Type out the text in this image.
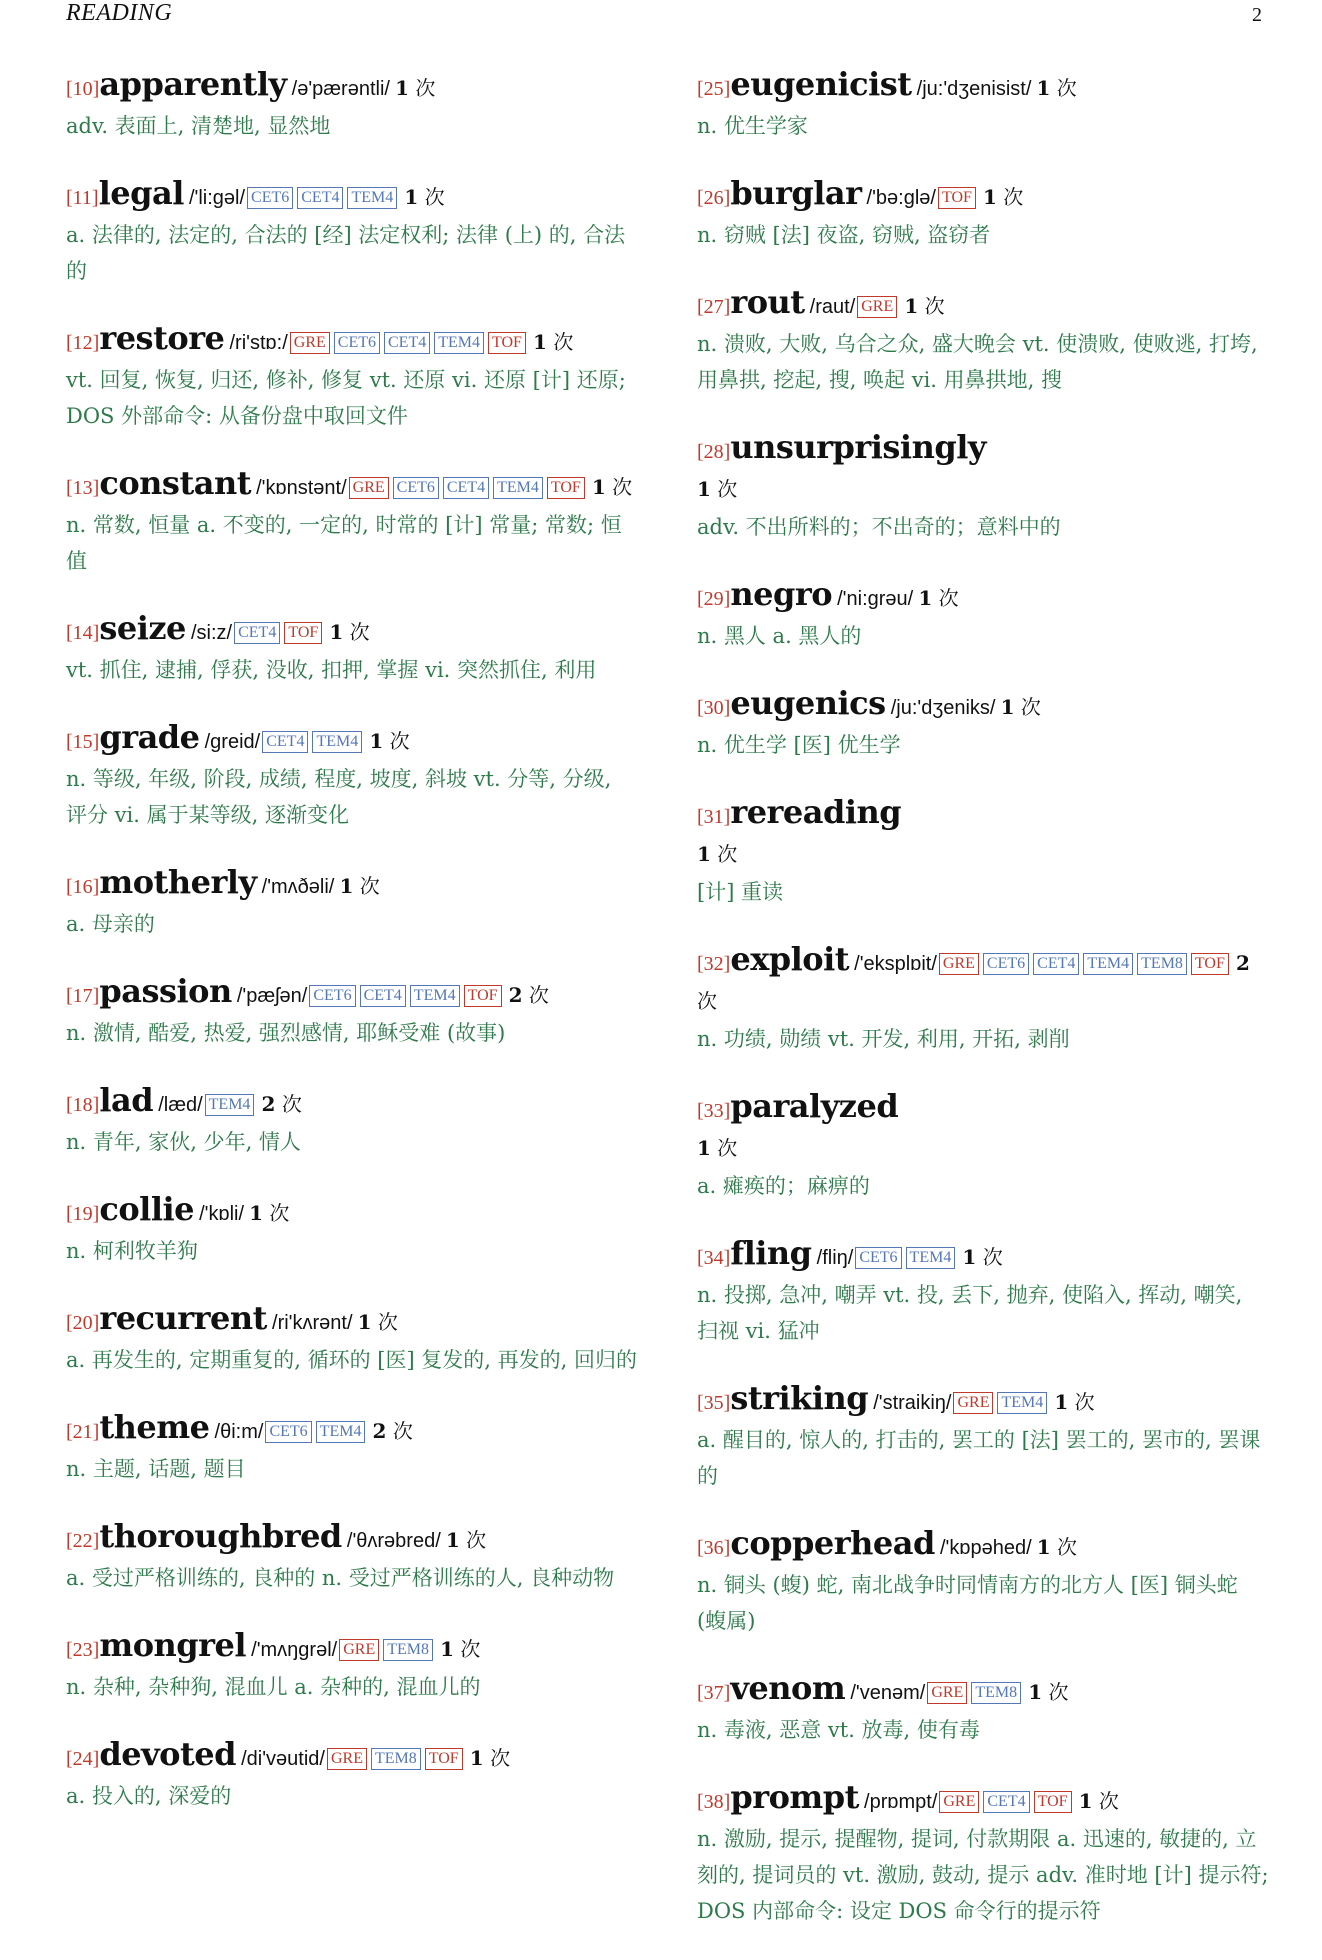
READING	2
[10]apparently /ə'pærəntli/ 1 次
adv. 表面上, 清楚地, 显然地
[11]legal /'li:gəl/ CET6 CET4 TEM4 1 次
a. 法律的, 法定的, 合法的 [经] 法定权利; 法律 (上) 的, 合法的
[12]restore /ri'stɒ:/ GRE CET6 CET4 TEM4 TOF 1 次
vt. 回复, 恢复, 归还, 修补, 修复 vt. 还原 vi. 还原 [计] 还原; DOS 外部命令: 从备份盘中取回文件
[13]constant /'kɒnstənt/ GRE CET6 CET4 TEM4 TOF 1 次
n. 常数, 恒量 a. 不变的, 一定的, 时常的 [计] 常量; 常数; 恒值
[14]seize /si:z/ CET4 TOF 1 次
vt. 抓住, 逮捕, 俘获, 没收, 扣押, 掌握 vi. 突然抓住, 利用
[15]grade /greid/ CET4 TEM4 1 次
n. 等级, 年级, 阶段, 成绩, 程度, 坡度, 斜坡 vt. 分等, 分级, 评分 vi. 属于某等级, 逐渐变化
[16]motherly /'mʌðəli/ 1 次
a. 母亲的
[17]passion /'pæʃən/ CET6 CET4 TEM4 TOF 2 次
n. 激情, 酷爱, 热爱, 强烈感情, 耶稣受难 (故事)
[18]lad /læd/ TEM4 2 次
n. 青年, 家伙, 少年, 情人
[19]collie /'kɒli/ 1 次
n. 柯利牧羊狗
[20]recurrent /ri'kʌrənt/ 1 次
a. 再发生的, 定期重复的, 循环的 [医] 复发的, 再发的, 回归的
[21]theme /θi:m/ CET6 TEM4 2 次
n. 主题, 话题, 题目
[22]thoroughbred /'θʌrəbred/ 1 次
a. 受过严格训练的, 良种的 n. 受过严格训练的人, 良种动物
[23]mongrel /'mʌŋgrəl/ GRE TEM8 1 次
n. 杂种, 杂种狗, 混血儿 a. 杂种的, 混血儿的
[24]devoted /di'vəutid/ GRE TEM8 TOF 1 次
a. 投入的, 深爱的
[25]eugenicist /ju:'dʒenisist/ 1 次
n. 优生学家
[26]burglar /'bə:glə/ TOF 1 次
n. 窃贼 [法] 夜盗, 窃贼, 盗窃者
[27]rout /raut/ GRE 1 次
n. 溃败, 大败, 乌合之众, 盛大晚会 vt. 使溃败, 使败逃, 打垮, 用鼻拱, 挖起, 搜, 唤起 vi. 用鼻拱地, 搜
[28]unsurprisingly
1 次
adv. 不出所料的；不出奇的；意料中的
[29]negro /'ni:grəu/ 1 次
n. 黑人 a. 黑人的
[30]eugenics /ju:'dʒeniks/ 1 次
n. 优生学 [医] 优生学
[31]rereading
1 次
[计] 重读
[32]exploit /'eksplɒit/ GRE CET6 CET4 TEM4 TEM8 TOF 2 次
n. 功绩, 勋绩 vt. 开发, 利用, 开拓, 剥削
[33]paralyzed
1 次
a. 瘫痪的；麻痹的
[34]fling /fliŋ/ CET6 TEM4 1 次
n. 投掷, 急冲, 嘲弄 vt. 投, 丢下, 抛弃, 使陷入, 挥动, 嘲笑, 扫视 vi. 猛冲
[35]striking /'straikiŋ/ GRE TEM4 1 次
a. 醒目的, 惊人的, 打击的, 罢工的 [法] 罢工的, 罢市的, 罢课的
[36]copperhead /'kɒpəhed/ 1 次
n. 铜头 (蝮) 蛇, 南北战争时同情南方的北方人 [医] 铜头蛇 (蝮属)
[37]venom /'venəm/ GRE TEM8 1 次
n. 毒液, 恶意 vt. 放毒, 使有毒
[38]prompt /prɒmpt/ GRE CET4 TOF 1 次
n. 激励, 提示, 提醒物, 提词, 付款期限 a. 迅速的, 敏捷的, 立刻的, 提词员的 vt. 激励, 鼓动, 提示 adv. 准时地 [计] 提示符; DOS 内部命令: 设定 DOS 命令行的提示符
